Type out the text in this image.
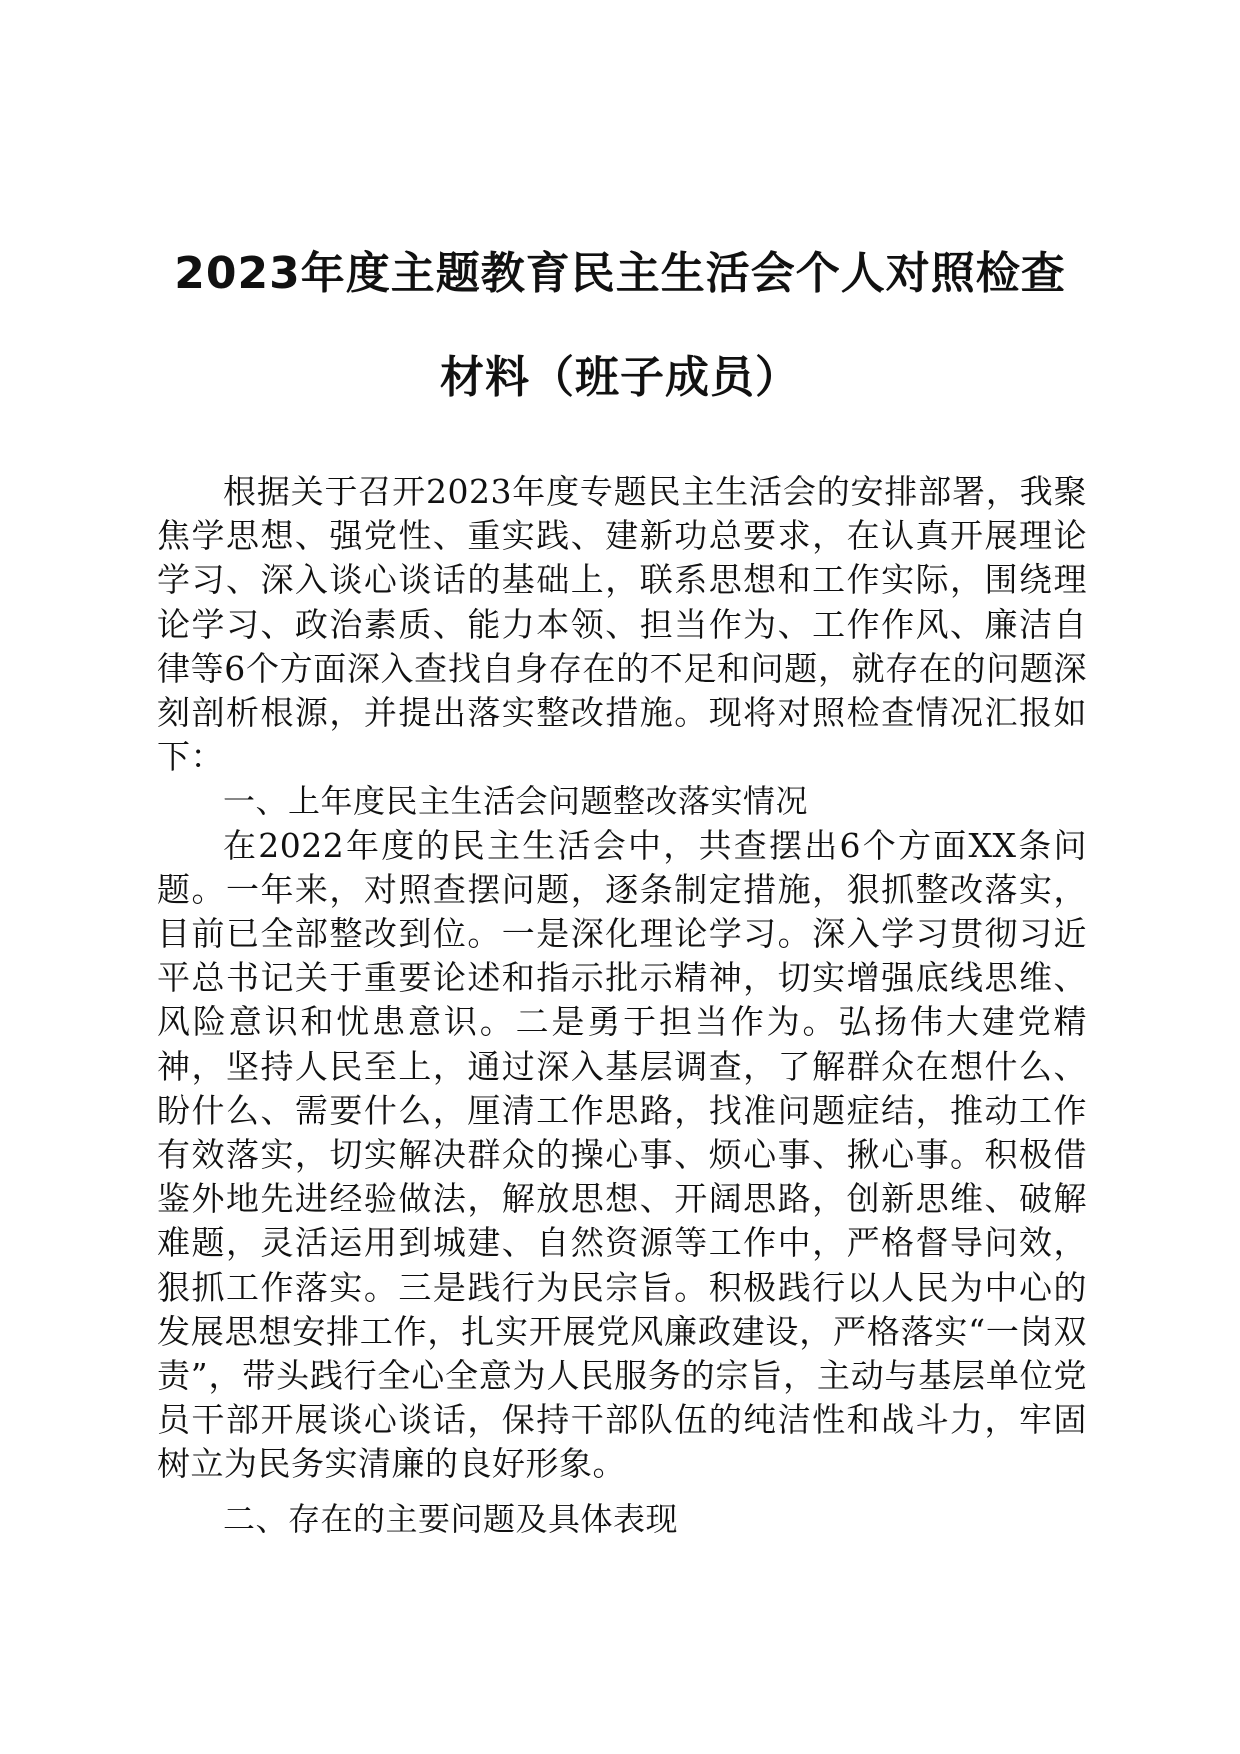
2023年度主题教育民主生活会个人对照检查
材料（班子成员）

根据关于召开2023年度专题民主生活会的安排部署，我聚焦学思想、强党性、重实践、建新功总要求，在认真开展理论学习、深入谈心谈话的基础上，联系思想和工作实际，围绕理论学习、政治素质、能力本领、担当作为、工作作风、廉洁自律等6个方面深入查找自身存在的不足和问题，就存在的问题深刻剖析根源，并提出落实整改措施。现将对照检查情况汇报如下：

一、上年度民主生活会问题整改落实情况

在2022年度的民主生活会中，共查摆出6个方面XX条问题。一年来，对照查摆问题，逐条制定措施，狠抓整改落实，目前已全部整改到位。一是深化理论学习。深入学习贯彻习近平总书记关于重要论述和指示批示精神，切实增强底线思维、风险意识和忧患意识。二是勇于担当作为。弘扬伟大建党精神，坚持人民至上，通过深入基层调查，了解群众在想什么、盼什么、需要什么，厘清工作思路，找准问题症结，推动工作有效落实，切实解决群众的操心事、烦心事、揪心事。积极借鉴外地先进经验做法，解放思想、开阔思路，创新思维、破解难题，灵活运用到城建、自然资源等工作中，严格督导问效，狠抓工作落实。三是践行为民宗旨。积极践行以人民为中心的发展思想安排工作，扎实开展党风廉政建设，严格落实“一岗双责”，带头践行全心全意为人民服务的宗旨，主动与基层单位党员干部开展谈心谈话，保持干部队伍的纯洁性和战斗力，牢固树立为民务实清廉的良好形象。

二、存在的主要问题及具体表现
